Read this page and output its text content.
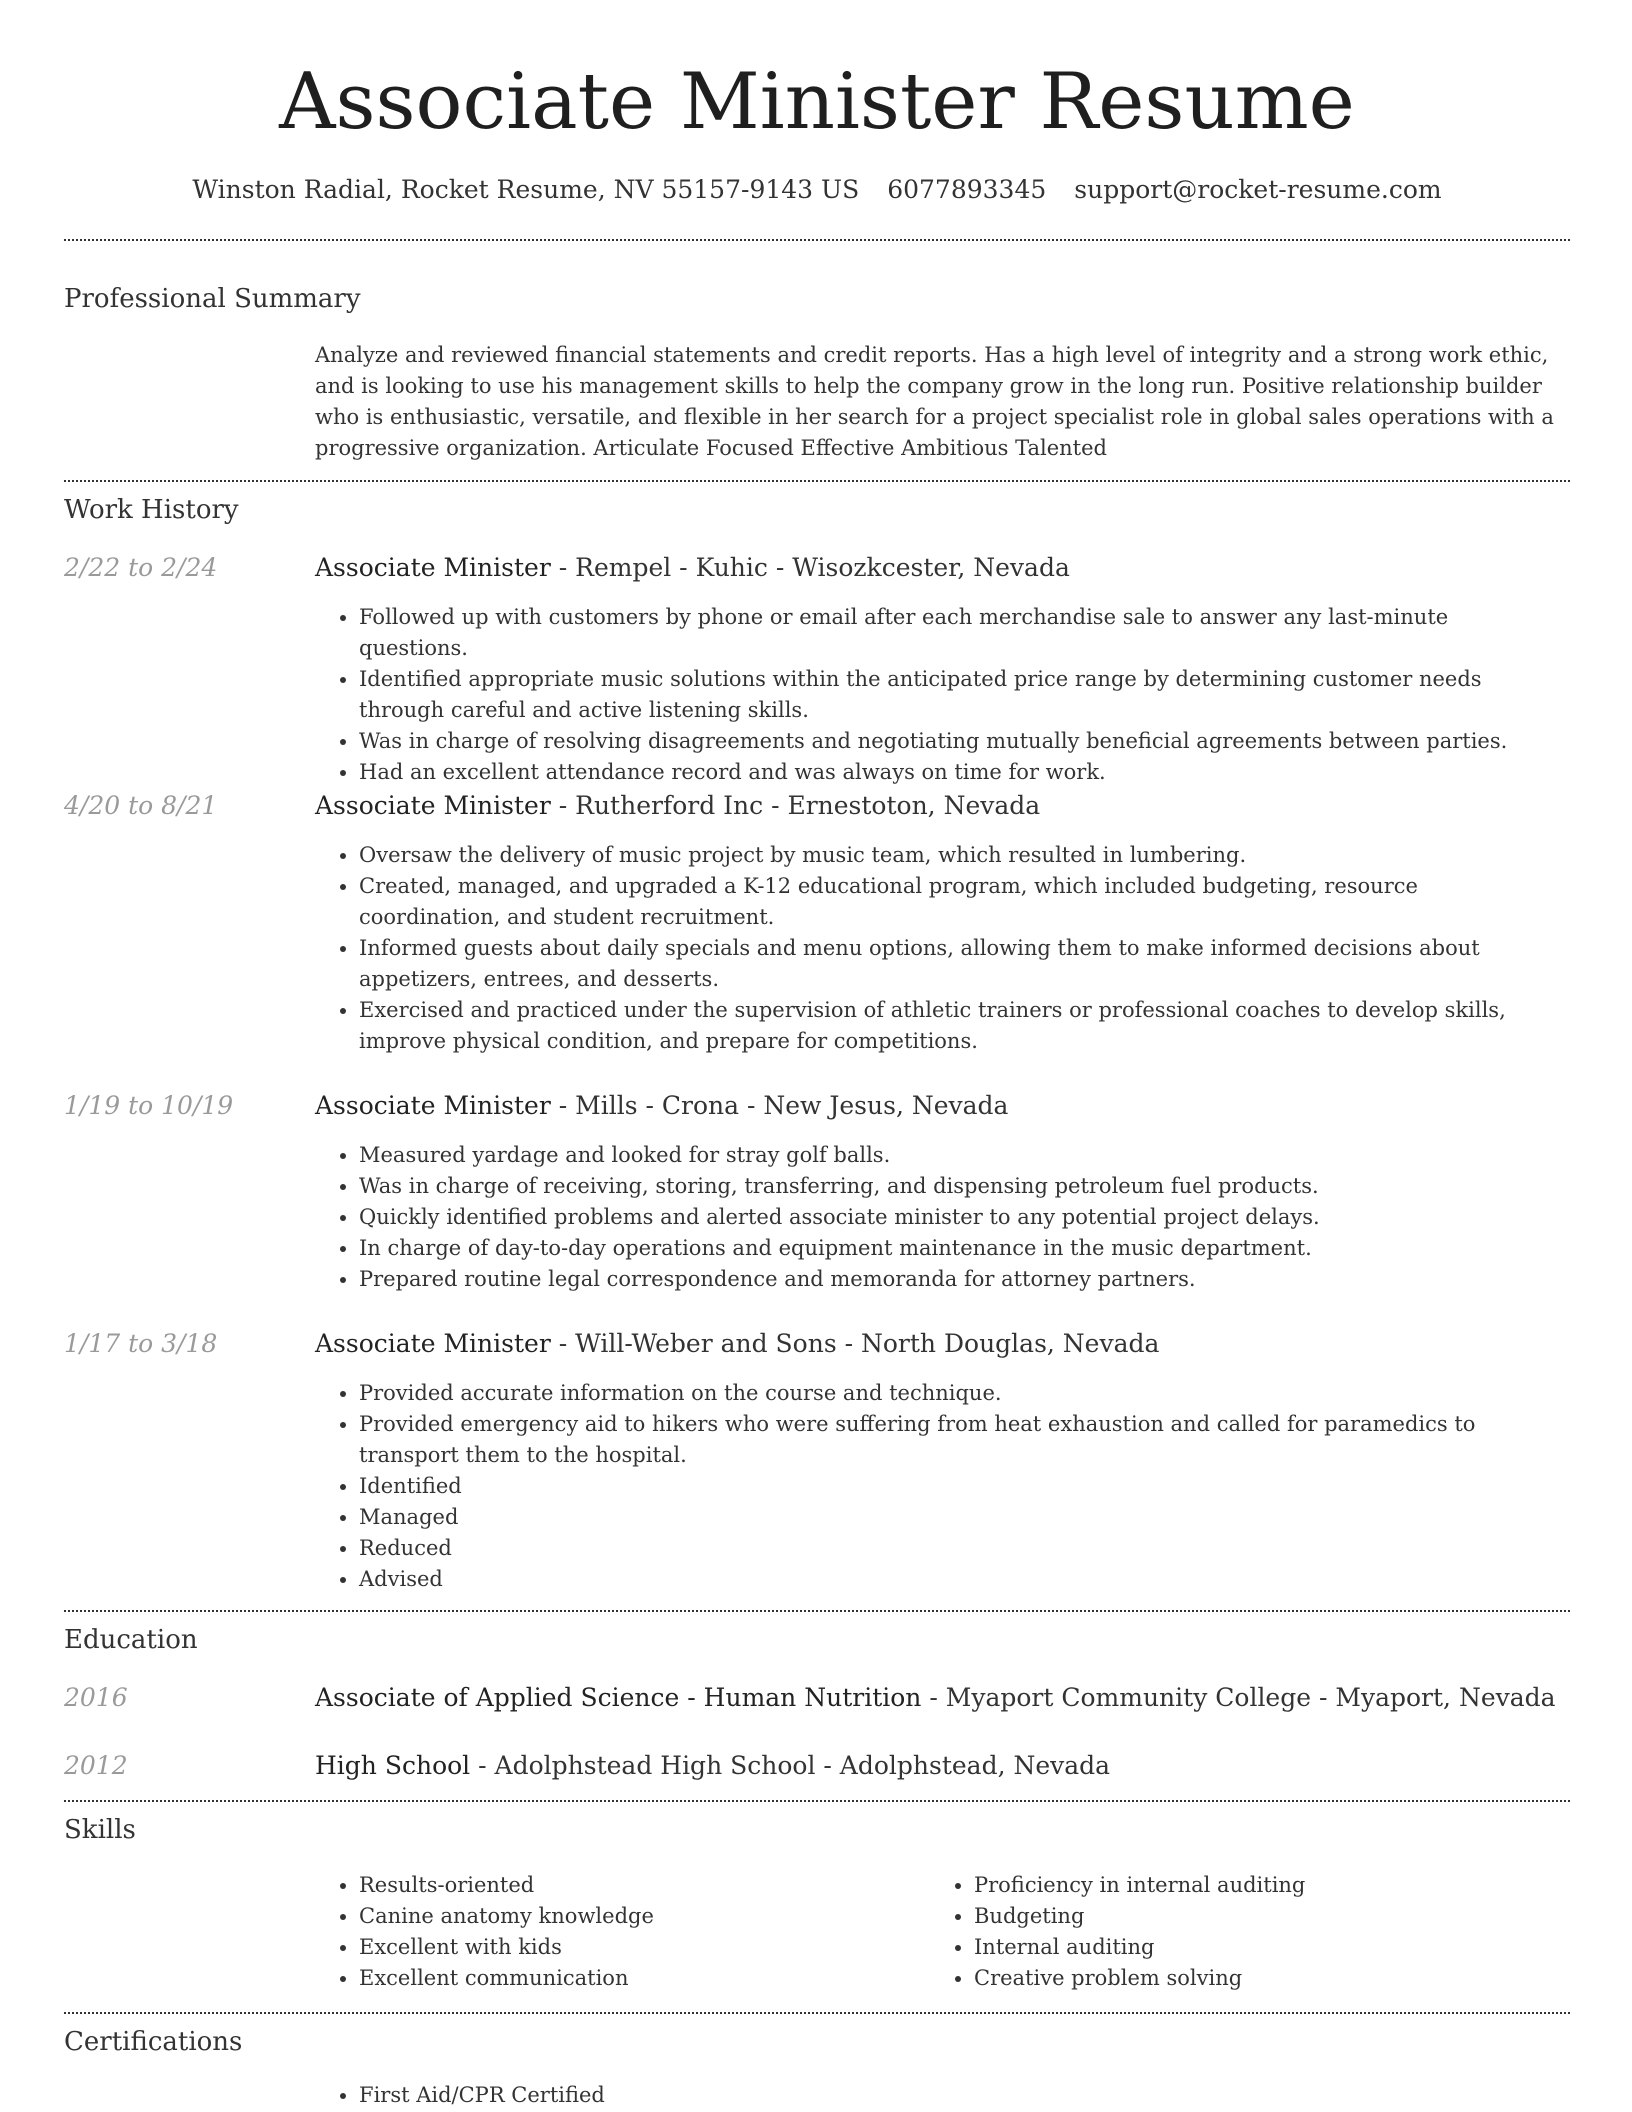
Associate Minister Resume
Winston Radial, Rocket Resume, NV 55157-9143 US 6077893345 support@rocket-resume.com
Professional Summary
Analyze and reviewed financial statements and credit reports. Has a high level of integrity and a strong work ethic, and is looking to use his management skills to help the company grow in the long run. Positive relationship builder who is enthusiastic, versatile, and flexible in her search for a project specialist role in global sales operations with a progressive organization. Articulate Focused Effective Ambitious Talented
Work History
2/22 to 2/24	Associate Minister - Rempel - Kuhic - Wisozkcester, Nevada
• Followed up with customers by phone or email after each merchandise sale to answer any last-minute questions.
• Identified appropriate music solutions within the anticipated price range by determining customer needs through careful and active listening skills.
• Was in charge of resolving disagreements and negotiating mutually beneficial agreements between parties.
• Had an excellent attendance record and was always on time for work.
4/20 to 8/21	Associate Minister - Rutherford Inc - Ernestoton, Nevada
• Oversaw the delivery of music project by music team, which resulted in lumbering.
• Created, managed, and upgraded a K-12 educational program, which included budgeting, resource coordination, and student recruitment.
• Informed guests about daily specials and menu options, allowing them to make informed decisions about appetizers, entrees, and desserts.
• Exercised and practiced under the supervision of athletic trainers or professional coaches to develop skills, improve physical condition, and prepare for competitions.
1/19 to 10/19	Associate Minister - Mills - Crona - New Jesus, Nevada
• Measured yardage and looked for stray golf balls.
• Was in charge of receiving, storing, transferring, and dispensing petroleum fuel products.
• Quickly identified problems and alerted associate minister to any potential project delays.
• In charge of day-to-day operations and equipment maintenance in the music department.
• Prepared routine legal correspondence and memoranda for attorney partners.
1/17 to 3/18	Associate Minister - Will-Weber and Sons - North Douglas, Nevada
• Provided accurate information on the course and technique.
• Provided emergency aid to hikers who were suffering from heat exhaustion and called for paramedics to transport them to the hospital.
• Identified
• Managed
• Reduced
• Advised
Education
2016	Associate of Applied Science - Human Nutrition - Myaport Community College - Myaport, Nevada
2012	High School - Adolphstead High School - Adolphstead, Nevada
Skills
• Results-oriented
• Canine anatomy knowledge
• Excellent with kids
• Excellent communication
• Proficiency in internal auditing
• Budgeting
• Internal auditing
• Creative problem solving
Certifications
• First Aid/CPR Certified
